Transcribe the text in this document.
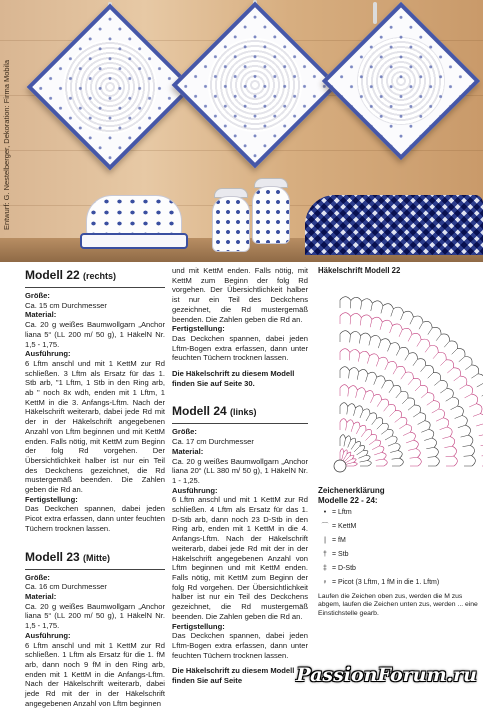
Entwurf: G. Nestelberger, Dekoration: Firma Mobila
Modell 22 (rechts)
Größe:
Ca. 15 cm Durchmesser
Material:
Ca. 20 g weißes Baumwollgarn „Anchor liana 5“ (LL 200 m/ 50 g), 1 HäkelN Nr. 1,5 - 1,75.
Ausführung:
6 Lftm anschl und mit 1 KettM zur Rd schließen. 3 Lftm als Ersatz für das 1. Stb arb, "1 Lftm, 1 Stb in den Ring arb, ab " noch 8x wdh, enden mit 1 Lftm, 1 KettM in die 3. Anfangs-Lftm. Nach der Häkelschrift weiterarb, dabei jede Rd mit der in der Häkelschrift angegebenen Anzahl von Lftm beginnen und mit KettM enden. Falls nötig, mit KettM zum Beginn der folg Rd vorgehen. Der Übersichtlichkeit halber ist nur ein Teil des Deckchens gezeichnet, die Rd mustergemäß beenden. Die Zahlen geben die Rd an.
Fertigstellung:
Das Deckchen spannen, dabei jeden Picot extra erfassen, dann unter feuchten Tüchern trocknen lassen.
Modell 23 (Mitte)
Größe:
Ca. 16 cm Durchmesser
Material:
Ca. 20 g weißes Baumwollgarn „Anchor liana 5“ (LL 200 m/ 50 g), 1 HäkelN Nr. 1,5 - 1,75.
Ausführung:
6 Lftm anschl und mit 1 KettM zur Rd schließen. 1 Lftm als Ersatz für die 1. fM arb, dann noch 9 fM in den Ring arb, enden mit 1 KettM in die Anfangs-Lftm. Nach der Häkelschrift weiterarb, dabei jede Rd mit der in der Häkelschrift angegebenen Anzahl von Lftm beginnen
und mit KettM enden. Falls nötig, mit KettM zum Beginn der folg Rd vorgehen. Der Übersichtlichkeit halber ist nur ein Teil des Deckchens gezeichnet, die Rd mustergemäß beenden. Die Zahlen geben die Rd an.
Fertigstellung:
Das Deckchen spannen, dabei jeden Lftm-Bogen extra erfassen, dann unter feuchten Tüchern trocknen lassen.
Die Häkelschrift zu diesem Modell finden Sie auf Seite 30.
Modell 24 (links)
Größe:
Ca. 17 cm Durchmesser
Material:
Ca. 20 g weißes Baumwollgarn „Anchor liana 20“ (LL 380 m/ 50 g), 1 HäkelN Nr. 1 - 1,25.
Ausführung:
6 Lftm anschl und mit 1 KettM zur Rd schließen. 4 Lftm als Ersatz für das 1. D-Stb arb, dann noch 23 D-Stb in den Ring arb, enden mit 1 KettM in die 4. Anfangs-Lftm. Nach der Häkelschrift weiterarb, dabei jede Rd mit der in der Häkelschrift angegebenen Anzahl von Lftm beginnen und mit KettM enden. Falls nötig, mit KettM zum Beginn der folg Rd vorgehen. Der Übersichtlichkeit halber ist nur ein Teil des Deckchens gezeichnet, die Rd mustergemäß beenden. Die Zahlen geben die Rd an.
Fertigstellung:
Das Deckchen spannen, dabei jeden Lftm-Bogen extra erfassen, dann unter feuchten Tüchern trocknen lassen.
Die Häkelschrift zu diesem Modell finden Sie auf Seite
Häkelschrift Modell 22
Zeichenerklärung
Modelle 22 - 24:
• = Lftm
⌒ = KettM
| = fM
† = Stb
‡ = D-Stb
♀ = Picot (3 Lftm, 1 fM in die 1. Lftm)
Laufen die Zeichen oben zus, werden die M zus abgem, laufen die Zeichen unten zus, werden ... eine Einstichstelle gearb.
PassionForum.ru
